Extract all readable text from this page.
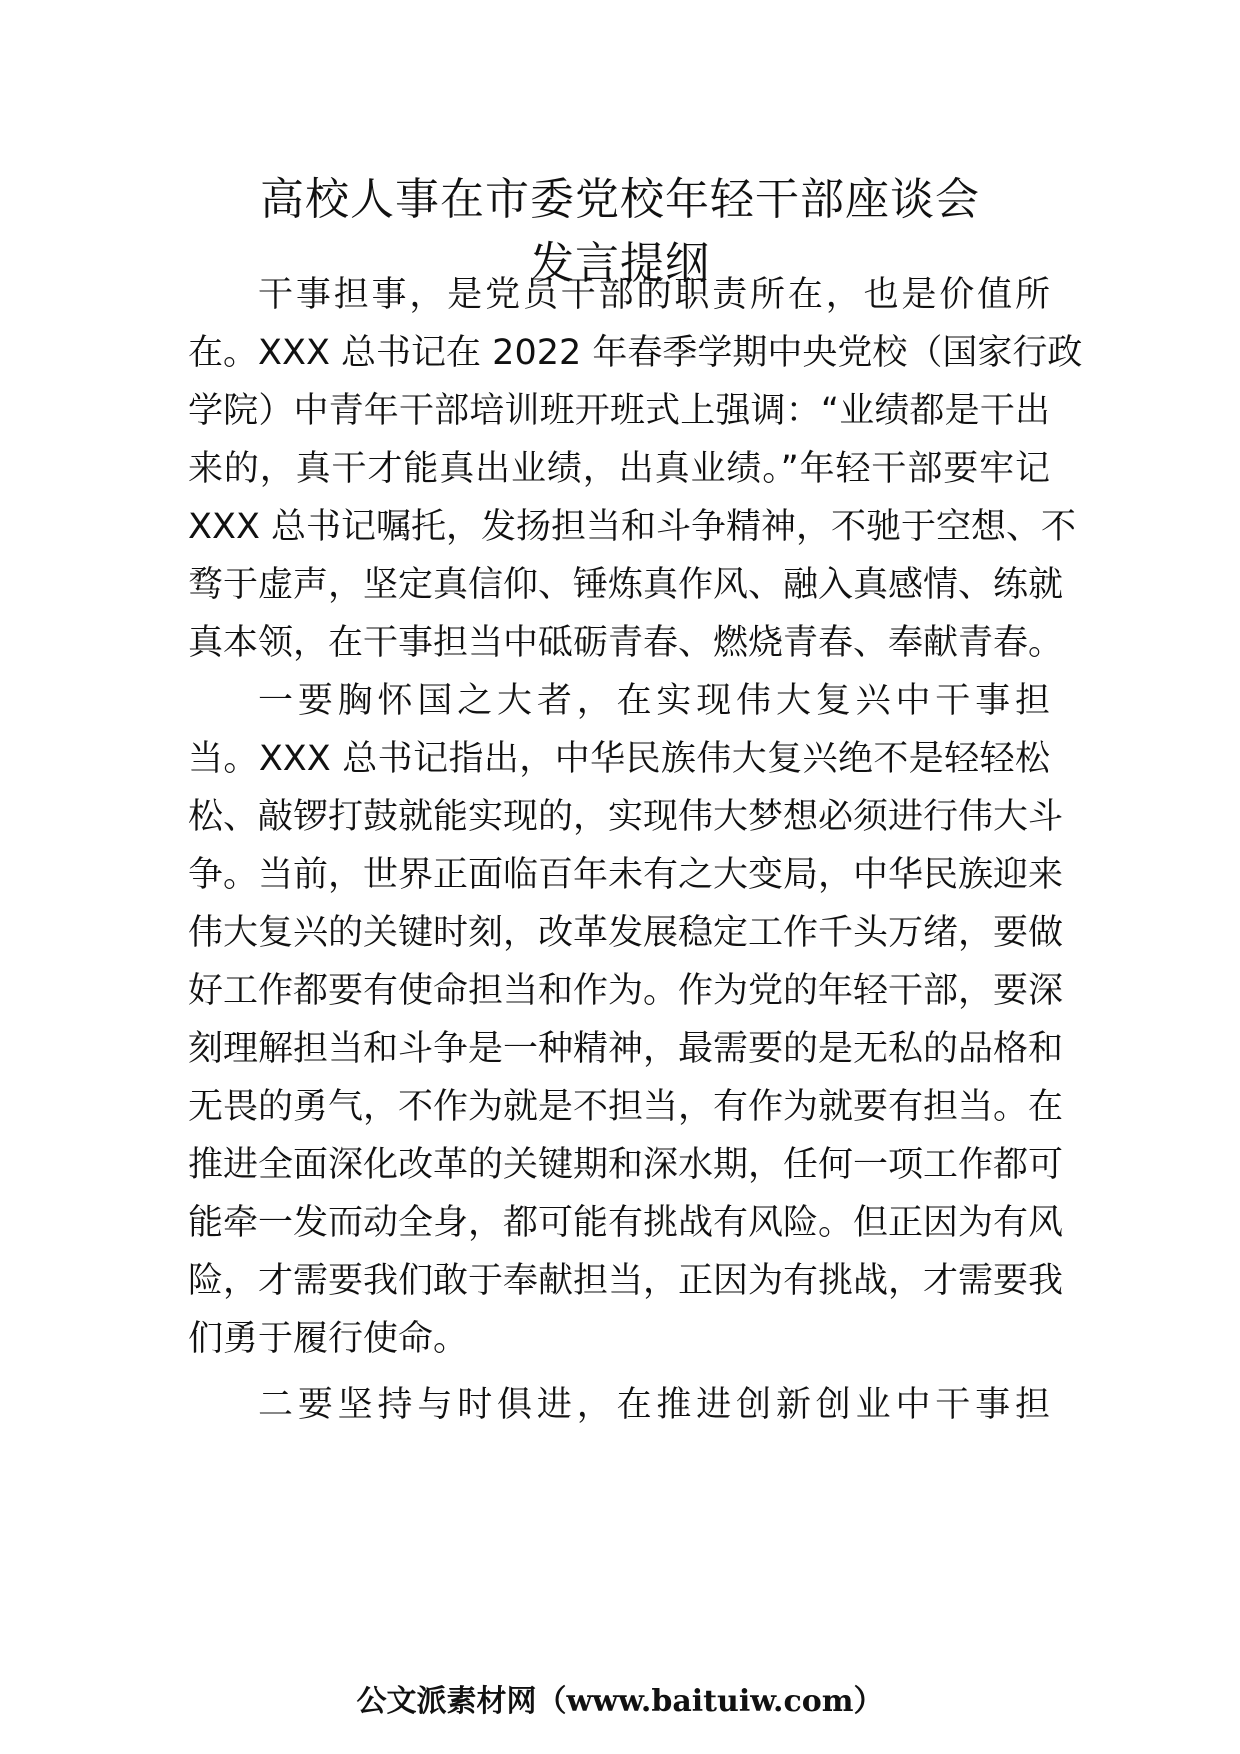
高校人事在市委党校年轻干部座谈会
发言提纲
干事担事，是党员干部的职责所在，也是价值所
在。XXX 总书记在 2022 年春季学期中央党校（国家行政
学院）中青年干部培训班开班式上强调：“业绩都是干出
来的，真干才能真出业绩，出真业绩。”年轻干部要牢记
XXX 总书记嘱托，发扬担当和斗争精神，不驰于空想、不
骛于虚声，坚定真信仰、锤炼真作风、融入真感情、练就
真本领，在干事担当中砥砺青春、燃烧青春、奉献青春。
一要胸怀国之大者，在实现伟大复兴中干事担
当。XXX 总书记指出，中华民族伟大复兴绝不是轻轻松
松、敲锣打鼓就能实现的，实现伟大梦想必须进行伟大斗
争。当前，世界正面临百年未有之大变局，中华民族迎来
伟大复兴的关键时刻，改革发展稳定工作千头万绪，要做
好工作都要有使命担当和作为。作为党的年轻干部，要深
刻理解担当和斗争是一种精神，最需要的是无私的品格和
无畏的勇气，不作为就是不担当，有作为就要有担当。在
推进全面深化改革的关键期和深水期，任何一项工作都可
能牵一发而动全身，都可能有挑战有风险。但正因为有风
险，才需要我们敢于奉献担当，正因为有挑战，才需要我
们勇于履行使命。
二要坚持与时俱进，在推进创新创业中干事担
公文派素材网（www.baituiw.com）
